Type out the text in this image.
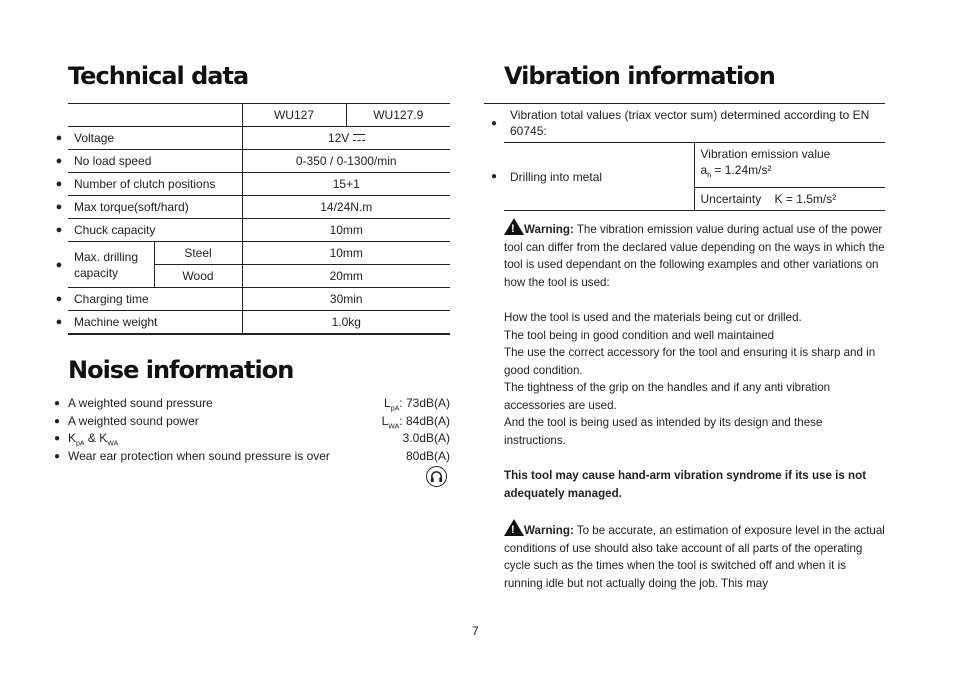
Technical data
			WU127	WU127.9
●	Voltage		12V	
●	No load speed		0-350 / 0-1300/min	
●	Number of clutch positions		15+1	
●	Max torque(soft/hard)		14/24N.m	
●	Chuck capacity		10mm	
●	Max. drilling capacity	Steel	10mm	
		Wood	20mm	
●	Charging time		30min	
●	Machine weight		1.0kg	
Noise information
● A weighted sound pressure	$L_{pA}$: 73dB(A)
● A weighted sound power	$L_{WA}$: 84dB(A)
● $K_{pA}$ & $K_{WA}$	3.0dB(A)
● Wear ear protection when sound pressure is over	80dB(A)
Vibration information
●	Vibration total values (triax vector sum) determined according to EN 60745:	
●	Drilling into metal	Vibration emission value
$a_h = 1.24m/s^2$
		Uncertainty    K = 1.5m/s²

!Warning: The vibration emission value during actual use of the power tool can differ from the declared value depending on the ways in which the tool is used dependant on the following examples and other variations on how the tool is used:

How the tool is used and the materials being cut or drilled.

The tool being in good condition and well maintained

The use the correct accessory for the tool and ensuring it is sharp and in good condition.

The tightness of the grip on the handles and if any anti vibration accessories are used.

And the tool is being used as intended by its design and these instructions.

This tool may cause hand-arm vibration syndrome if its use is not adequately managed.

!Warning: To be accurate, an estimation of exposure level in the actual conditions of use should also take account of all parts of the operating cycle such as the times when the tool is switched off and when it is running idle but not actually doing the job. This may

7
